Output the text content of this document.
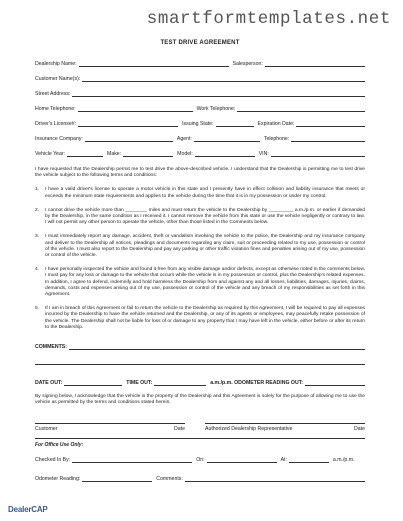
smartformtemplates.net
TEST DRIVE AGREEMENT
Dealership Name:	Salesperson:
Customer Name(s):
Street Address:
Home Telephone:	Work Telephone:
Driver's License#:	Issuing State:	Expiration Date:
Insurance Company:	Agent:	Telephone:
Vehicle Year:	Make:	Model:	VIN:

I have requested that the Dealership permit me to test drive the above-described vehicle. I understand that the Dealership is permitting me to test drive the vehicle subject to the following terms and conditions:

1.	I have a valid driver's license to operate a motor vehicle in this state and I presently have in effect collision and liability insurance that meets or exceeds the minimum state requirements and applies to the vehicle during the time that it is in my possession or under my control.
2.	I cannot drive the vehicle more than ________ miles and must return the vehicle to the Dealership by _________ a.m./p.m. or earlier if demanded by the Dealership, in the same condition as I received it. I cannot remove the vehicle from this state or use the vehicle negligently or contrary to law. I will not permit any other person to operate the vehicle, other than those listed in the Comments below.
3.	I must immediately report any damage, accident, theft or vandalism involving the vehicle to the police, the Dealership and my insurance company and deliver to the Dealership all notices, pleadings and documents regarding any claim, suit or proceeding related to my use, possession or control of the vehicle. I must also report to the Dealership and pay any parking or other traffic violation fines and penalties arising out of my use, possession or control of the vehicle.
4.	I have personally inspected the vehicle and found it free from any visible damage and/or defects, except as otherwise noted in the comments below. I must pay for any loss or damage to the vehicle that occurs while the vehicle is in my possession or control, plus the Dealership's related expenses. In addition, I agree to defend, indemnify and hold harmless the Dealership from and against any and all losses, liabilities, damages, injuries, claims, demands, costs and expenses arising out of my use, possession or control of the vehicle and any breach of my responsibilities as set forth in this Agreement.
5.	If I am in breach of this Agreement or fail to return the vehicle to the Dealership as required by this Agreement, I will be required to pay all expenses incurred by the Dealership to have the vehicle returned and the Dealership, or any of its agents or employees, may peacefully retake possession of the vehicle. The Dealership shall not be liable for loss of or damage to any property that I may have left in the vehicle, either before or after its return to the Dealership.
COMMENTS:
DATE OUT:	TIME OUT:	a.m./p.m. ODOMETER READING OUT:

By signing below, I acknowledge that the vehicle is the property of the Dealership and this Agreement is solely for the purpose of allowing me to use the vehicle as permitted by the terms and conditions stated herein.

Customer	Date	Authorized Dealership Representative	Date
For Office Use Only:
Checked In By:	On:	At:	a.m./p.m.
Odometer Reading:	Comments:
DealerCAP
